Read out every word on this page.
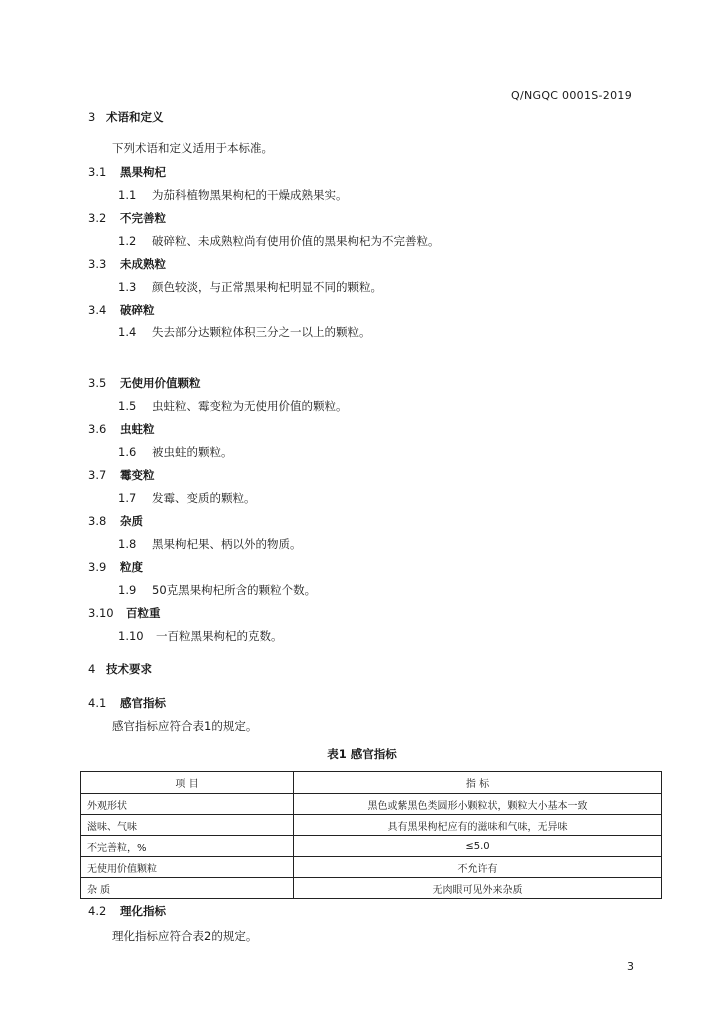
Q/NGQC 0001S-2019
3 术语和定义
下列术语和定义适用于本标准。
3.1 黑果枸杞
1.1 为茄科植物黑果枸杞的干燥成熟果实。
3.2 不完善粒
1.2 破碎粒、未成熟粒尚有使用价值的黑果枸杞为不完善粒。
3.3 未成熟粒
1.3 颜色较淡，与正常黑果枸杞明显不同的颗粒。
3.4 破碎粒
1.4 失去部分达颗粒体积三分之一以上的颗粒。
3.5 无使用价值颗粒
1.5 虫蛀粒、霉变粒为无使用价值的颗粒。
3.6 虫蛀粒
1.6 被虫蛀的颗粒。
3.7 霉变粒
1.7 发霉、变质的颗粒。
3.8 杂质
1.8 黑果枸杞果、柄以外的物质。
3.9 粒度
1.9 50克黑果枸杞所含的颗粒个数。
3.10 百粒重
1.10 一百粒黑果枸杞的克数。
4 技术要求
4.1 感官指标
感官指标应符合表1的规定。
表1 感官指标
项 目	指 标
外观形状	黑色或紫黑色类圆形小颗粒状，颗粒大小基本一致
滋味、气味	具有黑果枸杞应有的滋味和气味，无异味
不完善粒，%	≤5.0
无使用价值颗粒	不允许有
杂 质	无肉眼可见外来杂质
4.2 理化指标
理化指标应符合表2的规定。
3
